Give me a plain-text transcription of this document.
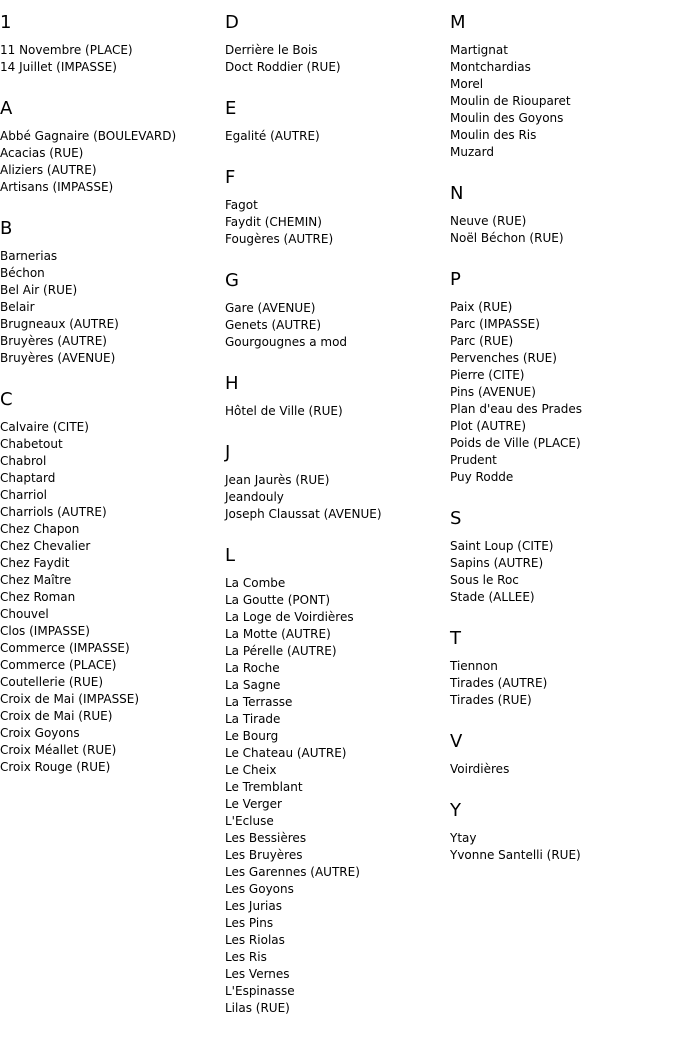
1
11 Novembre (PLACE)
14 Juillet (IMPASSE)
A
Abbé Gagnaire (BOULEVARD)
Acacias (RUE)
Aliziers (AUTRE)
Artisans (IMPASSE)
B
Barnerias
Béchon
Bel Air (RUE)
Belair
Brugneaux (AUTRE)
Bruyères (AUTRE)
Bruyères (AVENUE)
C
Calvaire (CITE)
Chabetout
Chabrol
Chaptard
Charriol
Charriols (AUTRE)
Chez Chapon
Chez Chevalier
Chez Faydit
Chez Maître
Chez Roman
Chouvel
Clos (IMPASSE)
Commerce (IMPASSE)
Commerce (PLACE)
Coutellerie (RUE)
Croix de Mai (IMPASSE)
Croix de Mai (RUE)
Croix Goyons
Croix Méallet (RUE)
Croix Rouge (RUE)
D
Derrière le Bois
Doct Roddier (RUE)
E
Egalité (AUTRE)
F
Fagot
Faydit (CHEMIN)
Fougères (AUTRE)
G
Gare (AVENUE)
Genets (AUTRE)
Gourgougnes a mod
H
Hôtel de Ville (RUE)
J
Jean Jaurès (RUE)
Jeandouly
Joseph Claussat (AVENUE)
L
La Combe
La Goutte (PONT)
La Loge de Voirdières
La Motte (AUTRE)
La Pérelle (AUTRE)
La Roche
La Sagne
La Terrasse
La Tirade
Le Bourg
Le Chateau (AUTRE)
Le Cheix
Le Tremblant
Le Verger
L'Ecluse
Les Bessières
Les Bruyères
Les Garennes (AUTRE)
Les Goyons
Les Jurias
Les Pins
Les Riolas
Les Ris
Les Vernes
L'Espinasse
Lilas (RUE)
M
Martignat
Montchardias
Morel
Moulin de Riouparet
Moulin des Goyons
Moulin des Ris
Muzard
N
Neuve (RUE)
Noël Béchon (RUE)
P
Paix (RUE)
Parc (IMPASSE)
Parc (RUE)
Pervenches (RUE)
Pierre (CITE)
Pins (AVENUE)
Plan d'eau des Prades
Plot (AUTRE)
Poids de Ville (PLACE)
Prudent
Puy Rodde
S
Saint Loup (CITE)
Sapins (AUTRE)
Sous le Roc
Stade (ALLEE)
T
Tiennon
Tirades (AUTRE)
Tirades (RUE)
V
Voirdières
Y
Ytay
Yvonne Santelli (RUE)
